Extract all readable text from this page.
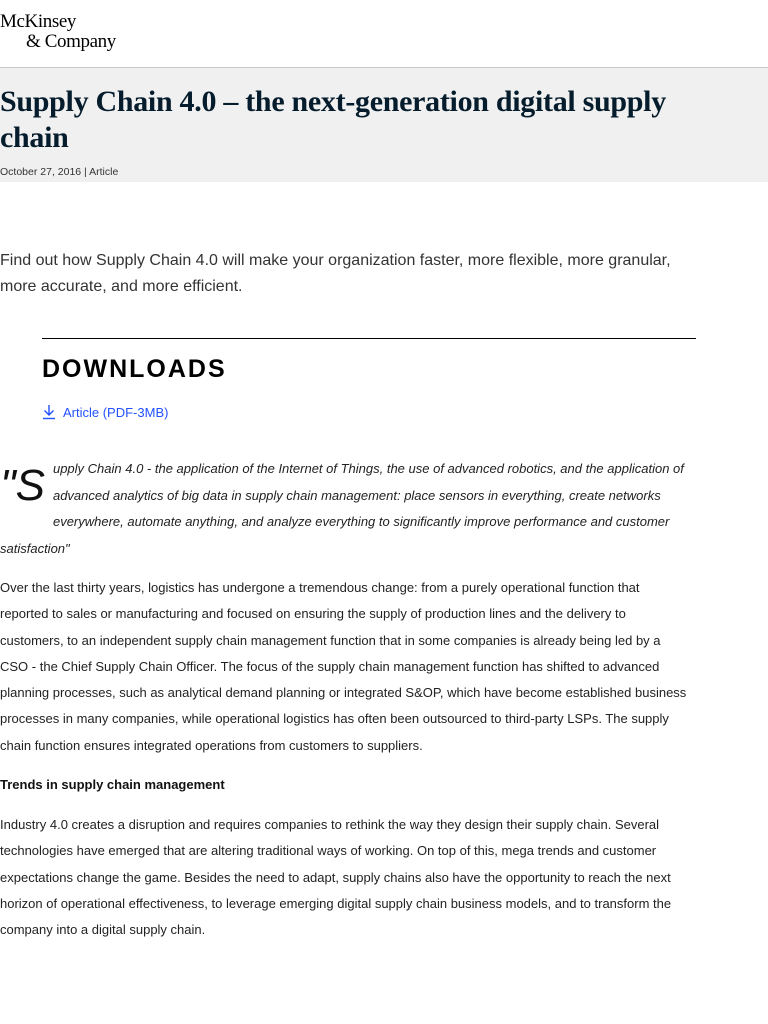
McKinsey
& Company
Supply Chain 4.0 – the next-generation digital supply chain
October 27, 2016 | Article

Find out how Supply Chain 4.0 will make your organization faster, more flexible, more granular, more accurate, and more efficient.

DOWNLOADS
Article (PDF-3MB)
"S upply Chain 4.0 - the application of the Internet of Things, the use of advanced robotics, and the application of advanced analytics of big data in supply chain management: place sensors in everything, create networks everywhere, automate anything, and analyze everything to significantly improve performance and customer satisfaction"

Over the last thirty years, logistics has undergone a tremendous change: from a purely operational function that reported to sales or manufacturing and focused on ensuring the supply of production lines and the delivery to customers, to an independent supply chain management function that in some companies is already being led by a CSO - the Chief Supply Chain Officer. The focus of the supply chain management function has shifted to advanced planning processes, such as analytical demand planning or integrated S&OP, which have become established business processes in many companies, while operational logistics has often been outsourced to third-party LSPs. The supply chain function ensures integrated operations from customers to suppliers.

Trends in supply chain management

Industry 4.0 creates a disruption and requires companies to rethink the way they design their supply chain. Several technologies have emerged that are altering traditional ways of working. On top of this, mega trends and customer expectations change the game. Besides the need to adapt, supply chains also have the opportunity to reach the next horizon of operational effectiveness, to leverage emerging digital supply chain business models, and to transform the company into a digital supply chain.
